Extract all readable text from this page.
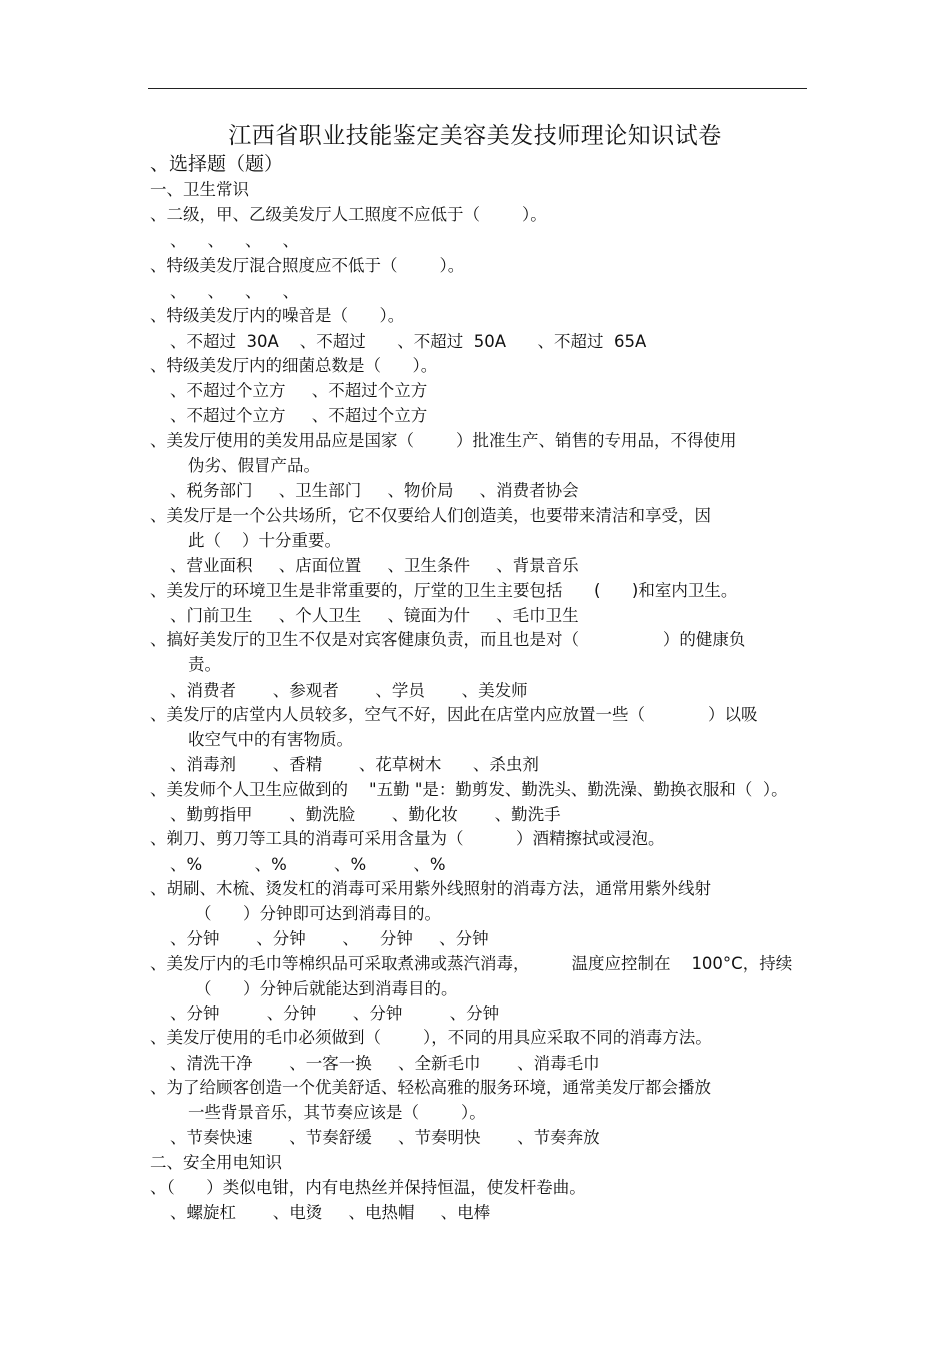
江西省职业技能鉴定美容美发技师理论知识试卷
、选择题（题）
一、卫生常识
、二级，甲、乙级美发厅人工照度不应低于（        ）。
、    、    、    、
、特级美发厅混合照度应不低于（        ）。
、    、    、    、
、特级美发厅内的噪音是（      ）。
、不超过  30A    、不超过      、不超过  50A      、不超过  65A
、特级美发厅内的细菌总数是（      ）。
、不超过个立方     、不超过个立方
、不超过个立方     、不超过个立方
、美发厅使用的美发用品应是国家（        ）批准生产、销售的专用品，不得使用
伪劣、假冒产品。
、税务部门     、卫生部门     、物价局     、消费者协会
、美发厅是一个公共场所，它不仅要给人们创造美，也要带来清洁和享受，因
此（    ）十分重要。
、营业面积     、店面位置     、卫生条件     、背景音乐
、美发厅的环境卫生是非常重要的，厅堂的卫生主要包括      (      )和室内卫生。
、门前卫生     、个人卫生     、镜面为什     、毛巾卫生
、搞好美发厅的卫生不仅是对宾客健康负责，而且也是对（                ）的健康负
责。
、消费者       、参观者       、学员       、美发师
、美发厅的店堂内人员较多，空气不好，因此在店堂内应放置一些（            ）以吸
收空气中的有害物质。
、消毒剂       、香精       、花草树木      、杀虫剂
、美发师个人卫生应做到的    "五勤 "是：勤剪发、勤洗头、勤洗澡、勤换衣服和（  ）。
、勤剪指甲       、勤洗脸       、勤化妆       、勤洗手
、剃刀、剪刀等工具的消毒可采用含量为（          ）酒精擦拭或浸泡。
、%          、%         、%         、%
、胡刷、木梳、烫发杠的消毒可采用紫外线照射的消毒方法，通常用紫外线射
（      ）分钟即可达到消毒目的。
、分钟       、分钟       、    分钟     、分钟
、美发厅内的毛巾等棉织品可采取煮沸或蒸汽消毒，        温度应控制在    100°C，持续
（      ）分钟后就能达到消毒目的。
、分钟         、分钟       、分钟         、分钟
、美发厅使用的毛巾必须做到（        ），不同的用具应采取不同的消毒方法。
、清洗干净       、一客一换     、全新毛巾       、消毒毛巾
、为了给顾客创造一个优美舒适、轻松高雅的服务环境，通常美发厅都会播放
一些背景音乐，其节奏应该是（        ）。
、节奏快速       、节奏舒缓     、节奏明快       、节奏奔放
二、安全用电知识
、（      ）类似电钳，内有电热丝并保持恒温，使发杆卷曲。
、螺旋杠       、电烫     、电热帽     、电棒
